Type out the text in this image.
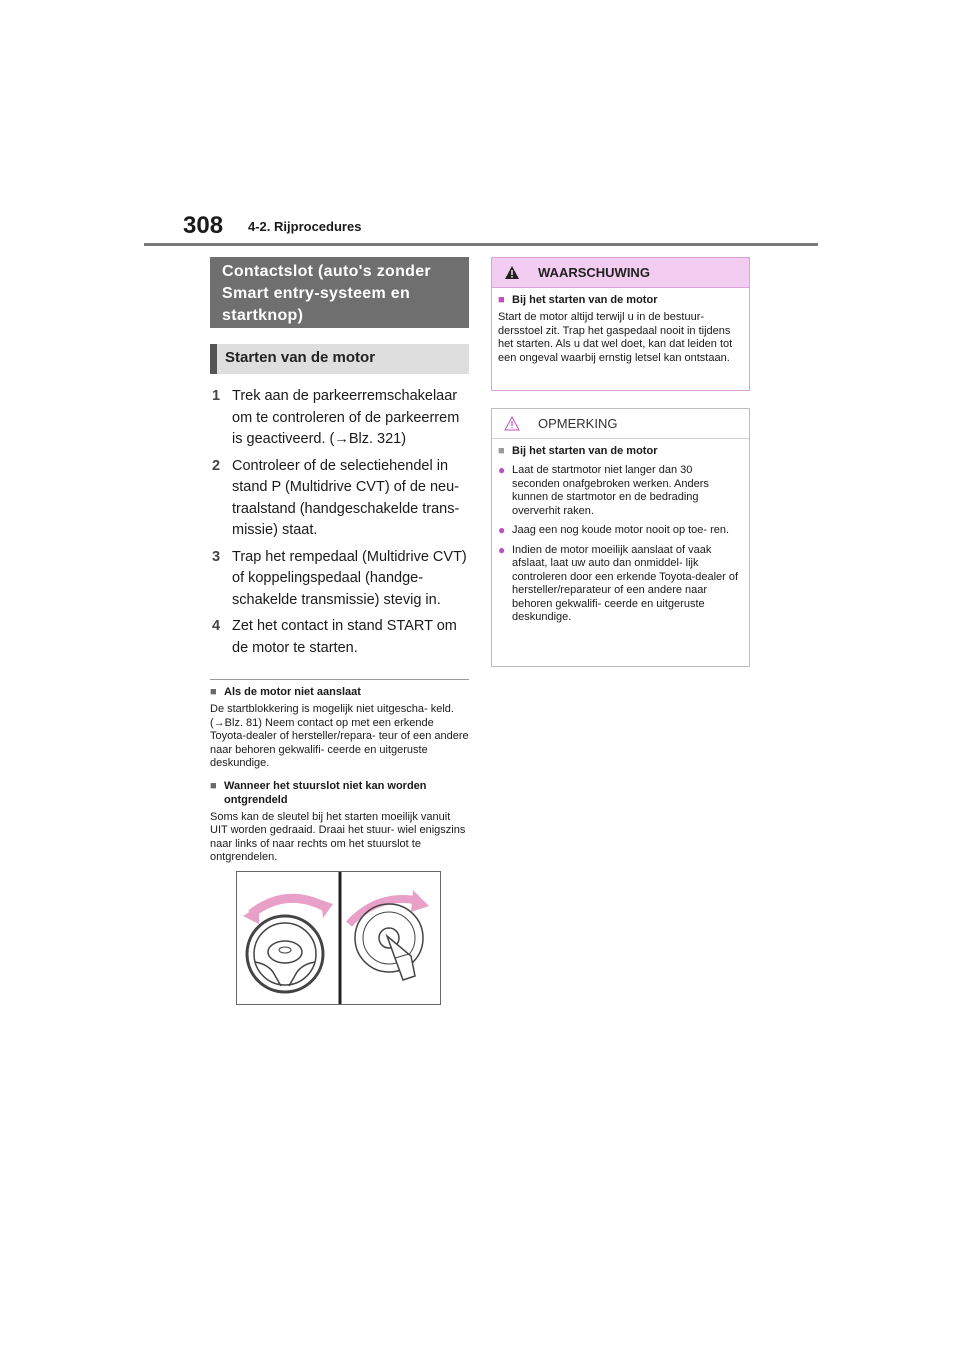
308 4-2. Rijprocedures
Contactslot (auto's zonder Smart entry-systeem en startknop)
Starten van de motor
1 Trek aan de parkeerremschakelaar om te controleren of de parkeerrem is geactiveerd. (→Blz. 321)
2 Controleer of de selectiehendel in stand P (Multidrive CVT) of de neu- traalstand (handgeschakelde trans- missie) staat.
3 Trap het rempedaal (Multidrive CVT) of koppelingspedaal (handge- schakelde transmissie) stevig in.
4 Zet het contact in stand START om de motor te starten.
■ Als de motor niet aanslaat
De startblokkering is mogelijk niet uitgescha- keld. (→Blz. 81) Neem contact op met een erkende Toyota-dealer of hersteller/repara- teur of een andere naar behoren gekwalifi- ceerde en uitgeruste deskundige.
■ Wanneer het stuurslot niet kan worden ontgrendeld
Soms kan de sleutel bij het starten moeilijk vanuit UIT worden gedraaid. Draai het stuur- wiel enigszins naar links of naar rechts om het stuurslot te ontgrendelen.
WAARSCHUWING
■ Bij het starten van de motor
Start de motor altijd terwijl u in de bestuur- dersstoel zit. Trap het gaspedaal nooit in tijdens het starten. Als u dat wel doet, kan dat leiden tot een ongeval waarbij ernstig letsel kan ontstaan.
OPMERKING
■ Bij het starten van de motor
● Laat de startmotor niet langer dan 30 seconden onafgebroken werken. Anders kunnen de startmotor en de bedrading oververhit raken.
● Jaag een nog koude motor nooit op toe- ren.
● Indien de motor moeilijk aanslaat of vaak afslaat, laat uw auto dan onmiddel- lijk controleren door een erkende Toyota-dealer of hersteller/reparateur of een andere naar behoren gekwalifi- ceerde en uitgeruste deskundige.
